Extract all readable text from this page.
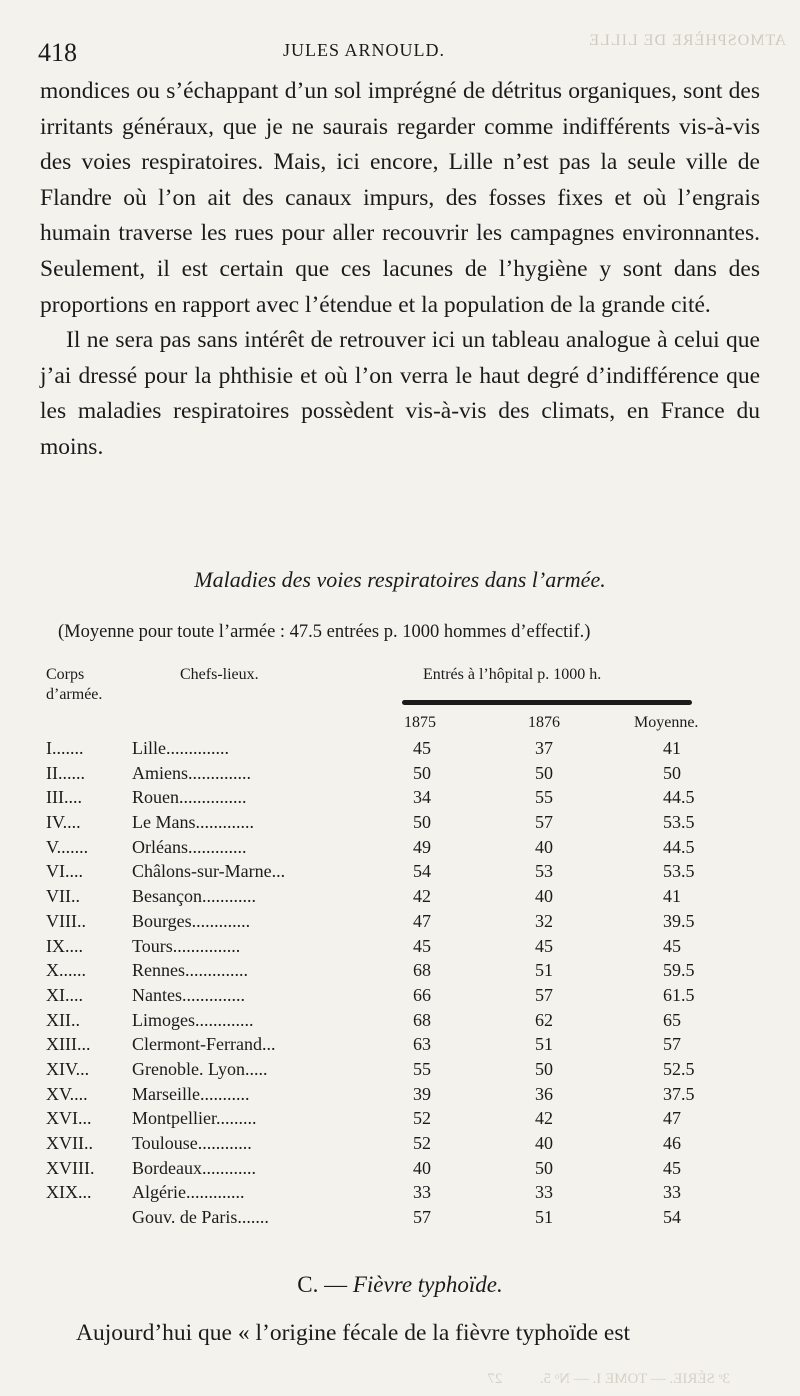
ATMOSPHÈRE DE LILLE
418	JULES ARNOULD.

mondices ou s’échappant d’un sol imprégné de détritus organiques, sont des irritants généraux, que je ne saurais regarder comme indifférents vis-à-vis des voies respiratoires. Mais, ici encore, Lille n’est pas la seule ville de Flandre où l’on ait des canaux impurs, des fosses fixes et où l’engrais humain traverse les rues pour aller recouvrir les campagnes environnantes. Seulement, il est certain que ces lacunes de l’hygiène y sont dans des proportions en rapport avec l’étendue et la population de la grande cité.

Il ne sera pas sans intérêt de retrouver ici un tableau analogue à celui que j’ai dressé pour la phthisie et où l’on verra le haut degré d’indifférence que les maladies respiratoires possèdent vis-à-vis des climats, en France du moins.

Maladies des voies respiratoires dans l’armée.
(Moyenne pour toute l’armée : 47.5 entrées p. 1000 hommes d’effectif.)
Corps
d’armée.
Chefs-lieux.	Entrés à l’hôpital p. 1000 h.
1875	1876	Moyenne.
I.......	Lille..............	45	37	41
II......	Amiens..............	50	50	50
III....	Rouen...............	34	55	44.5
IV....	Le Mans.............	50	57	53.5
V....... Orléans.............	49	40	44.5
VI....	Châlons-sur-Marne...	54	53	53.5
VII..	Besançon............	42	40	41
VIII..	Bourges.............	47	32	39.5
IX....	Tours...............	45	45	45
X......	Rennes..............	68	51	59.5
XI....	Nantes..............	66	57	61.5
XII..	Limoges.............	68	62	65
XIII... Clermont-Ferrand...	63	51	57
XIV... Grenoble. Lyon.....	55	50	52.5
XV.... Marseille...........	39	36	37.5
XVI... Montpellier.........	52	42	47
XVII.. Toulouse............	52	40	46
XVIII. Bordeaux............	40	50	45
XIX... Algérie.............	33	33	33
Gouv. de Paris.......	57	51	54
C. — Fièvre typhoïde.
Aujourd’hui que « l’origine fécale de la fièvre typhoïde est
3ᵉ SÉRIE. — TOME I. — Nᵒ 5.          27
